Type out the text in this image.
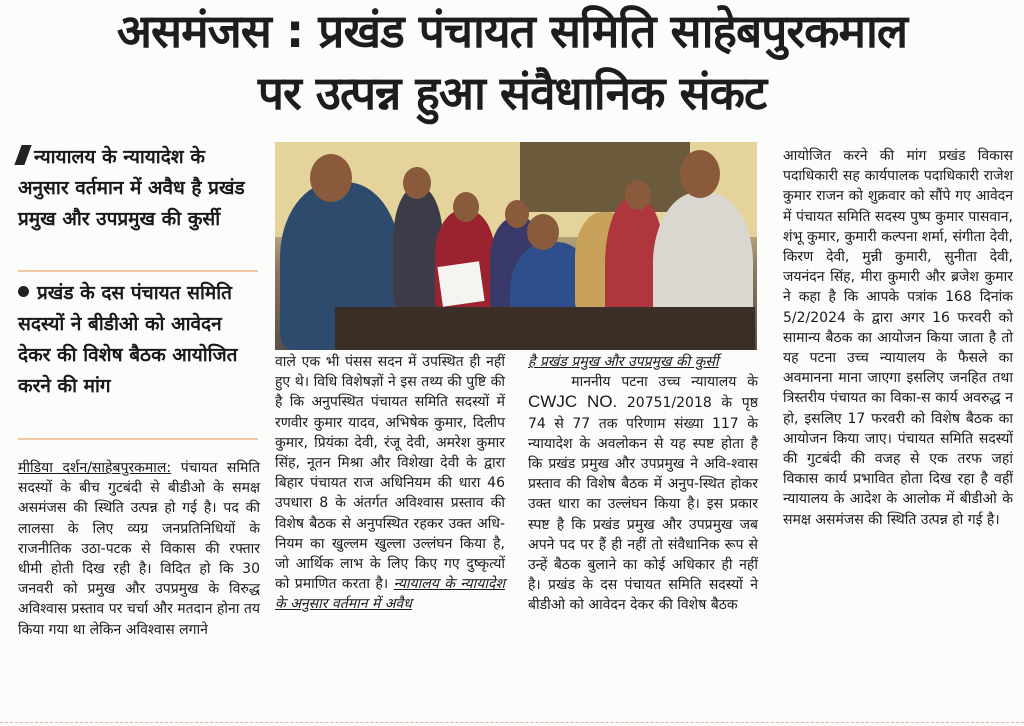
असमंजस : प्रखंड पंचायत समिति साहेबपुरकमाल
पर उत्पन्न हुआ संवैधानिक संकट
न्यायालय के न्यायादेश के अनुसार वर्तमान में अवैध है प्रखंड प्रमुख और उपप्रमुख की कुर्सी
प्रखंड के दस पंचायत समिति सदस्यों ने बीडीओ को आवेदन देकर की विशेष बैठक आयोजित करने की मांग

मीडिया दर्शन/साहेबपुरकमाल: पंचायत समिति सदस्यों के बीच गुटबंदी से बीडीओ के समक्ष असमंजस की स्थिति उत्पन्न हो गई है। पद की लालसा के लिए व्यग्र जनप्रतिनिधियों के राजनीतिक उठा-पटक से विकास की रफ्तार धीमी होती दिख रही है। विदित हो कि 30 जनवरी को प्रमुख और उपप्रमुख के विरुद्ध अविश्वास प्रस्ताव पर चर्चा और मतदान होना तय किया गया था लेकिन अविश्वास लगाने

वाले एक भी पंसस सदन में उपस्थित ही नहीं हुए थे। विधि विशेषज्ञों ने इस तथ्य की पुष्टि की है कि अनुपस्थित पंचायत समिति सदस्यों में रणवीर कुमार यादव, अभिषेक कुमार, दिलीप कुमार, प्रियंका देवी, रंजू देवी, अमरेश कुमार सिंह, नूतन मिश्रा और विशेखा देवी के द्वारा बिहार पंचायत राज अधिनियम की धारा 46 उपधारा 8 के अंतर्गत अविश्वास प्रस्ताव की विशेष बैठक से अनुपस्थित रहकर उक्त अधि-नियम का खुल्लम खुल्ला उल्लंघन किया है, जो आर्थिक लाभ के लिए किए गए दुष्कृत्यों को प्रमाणित करता है। न्यायालय के न्यायादेश के अनुसार वर्तमान में अवैध

है प्रखंड प्रमुख और उपप्रमुख की कुर्सी

माननीय पटना उच्च न्यायालय के CWJC NO. 20751/2018 के पृष्ठ 74 से 77 तक परिणाम संख्या 117 के न्यायादेश के अवलोकन से यह स्पष्ट होता है कि प्रखंड प्रमुख और उपप्रमुख ने अवि-श्वास प्रस्ताव की विशेष बैठक में अनुप-स्थित होकर उक्त धारा का उल्लंघन किया है। इस प्रकार स्पष्ट है कि प्रखंड प्रमुख और उपप्रमुख जब अपने पद पर हैं ही नहीं तो संवैधानिक रूप से उन्हें बैठक बुलाने का कोई अधिकार ही नहीं है। प्रखंड के दस पंचायत समिति सदस्यों ने बीडीओ को आवेदन देकर की विशेष बैठक

आयोजित करने की मांग प्रखंड विकास पदाधिकारी सह कार्यपालक पदाधिकारी राजेश कुमार राजन को शुक्रवार को सौंपे गए आवेदन में पंचायत समिति सदस्य पुष्प कुमार पासवान, शंभू कुमार, कुमारी कल्पना शर्मा, संगीता देवी, किरण देवी, मुन्नी कुमारी, सुनीता देवी, जयनंदन सिंह, मीरा कुमारी और ब्रजेश कुमार ने कहा है कि आपके पत्रांक 168 दिनांक 5/2/2024 के द्वारा अगर 16 फरवरी को सामान्य बैठक का आयोजन किया जाता है तो यह पटना उच्च न्यायालय के फैसले का अवमानना माना जाएगा इसलिए जनहित तथा त्रिस्तरीय पंचायत का विका-स कार्य अवरुद्ध न हो, इसलिए 17 फरवरी को विशेष बैठक का आयोजन किया जाए। पंचायत समिति सदस्यों की गुटबंदी की वजह से एक तरफ जहां विकास कार्य प्रभावित होता दिख रहा है वहीं न्यायालय के आदेश के आलोक में बीडीओ के समक्ष असमंजस की स्थिति उत्पन्न हो गई है।
